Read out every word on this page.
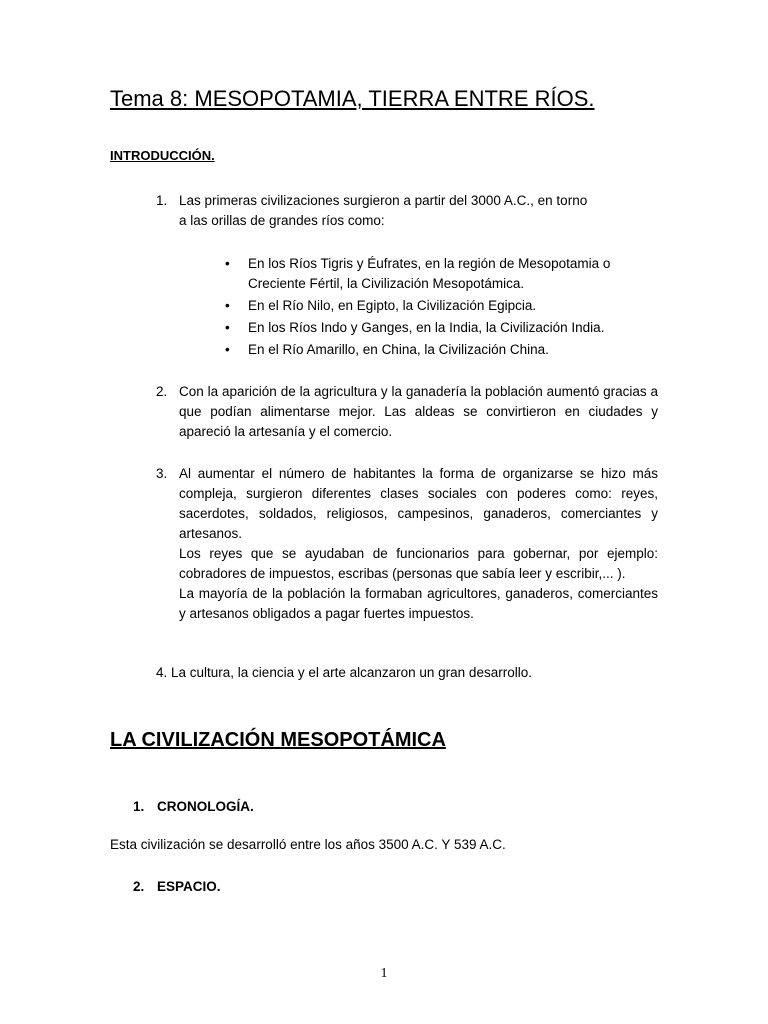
Tema 8: MESOPOTAMIA, TIERRA ENTRE RÍOS.
INTRODUCCIÓN.
1. Las primeras civilizaciones surgieron a partir del 3000 A.C., en torno
a las orillas de grandes ríos como:
• En los Ríos Tigris y Éufrates, en la región de Mesopotamia o Creciente Fértil, la Civilización Mesopotámica.
• En el Río Nilo, en Egipto, la Civilización Egipcia.
• En los Ríos Indo y Ganges, en la India, la Civilización India.
• En el Río Amarillo, en China, la Civilización China.
2. Con la aparición de la agricultura y la ganadería la población aumentó gracias a que podían alimentarse mejor. Las aldeas se convirtieron en ciudades y apareció la artesanía y el comercio.
3. Al aumentar el número de habitantes la forma de organizarse se hizo más compleja, surgieron diferentes clases sociales con poderes como: reyes, sacerdotes, soldados, religiosos, campesinos, ganaderos, comerciantes y artesanos.
Los reyes que se ayudaban de funcionarios para gobernar, por ejemplo: cobradores de impuestos, escribas (personas que sabía leer y escribir,... ).
La mayoría de la población la formaban agricultores, ganaderos, comerciantes y artesanos obligados a pagar fuertes impuestos.
4. La cultura, la ciencia y el arte alcanzaron un gran desarrollo.
LA CIVILIZACIÓN MESOPOTÁMICA
1. CRONOLOGÍA.
Esta civilización se desarrolló entre los años 3500 A.C. Y 539 A.C.
2. ESPACIO.
1
